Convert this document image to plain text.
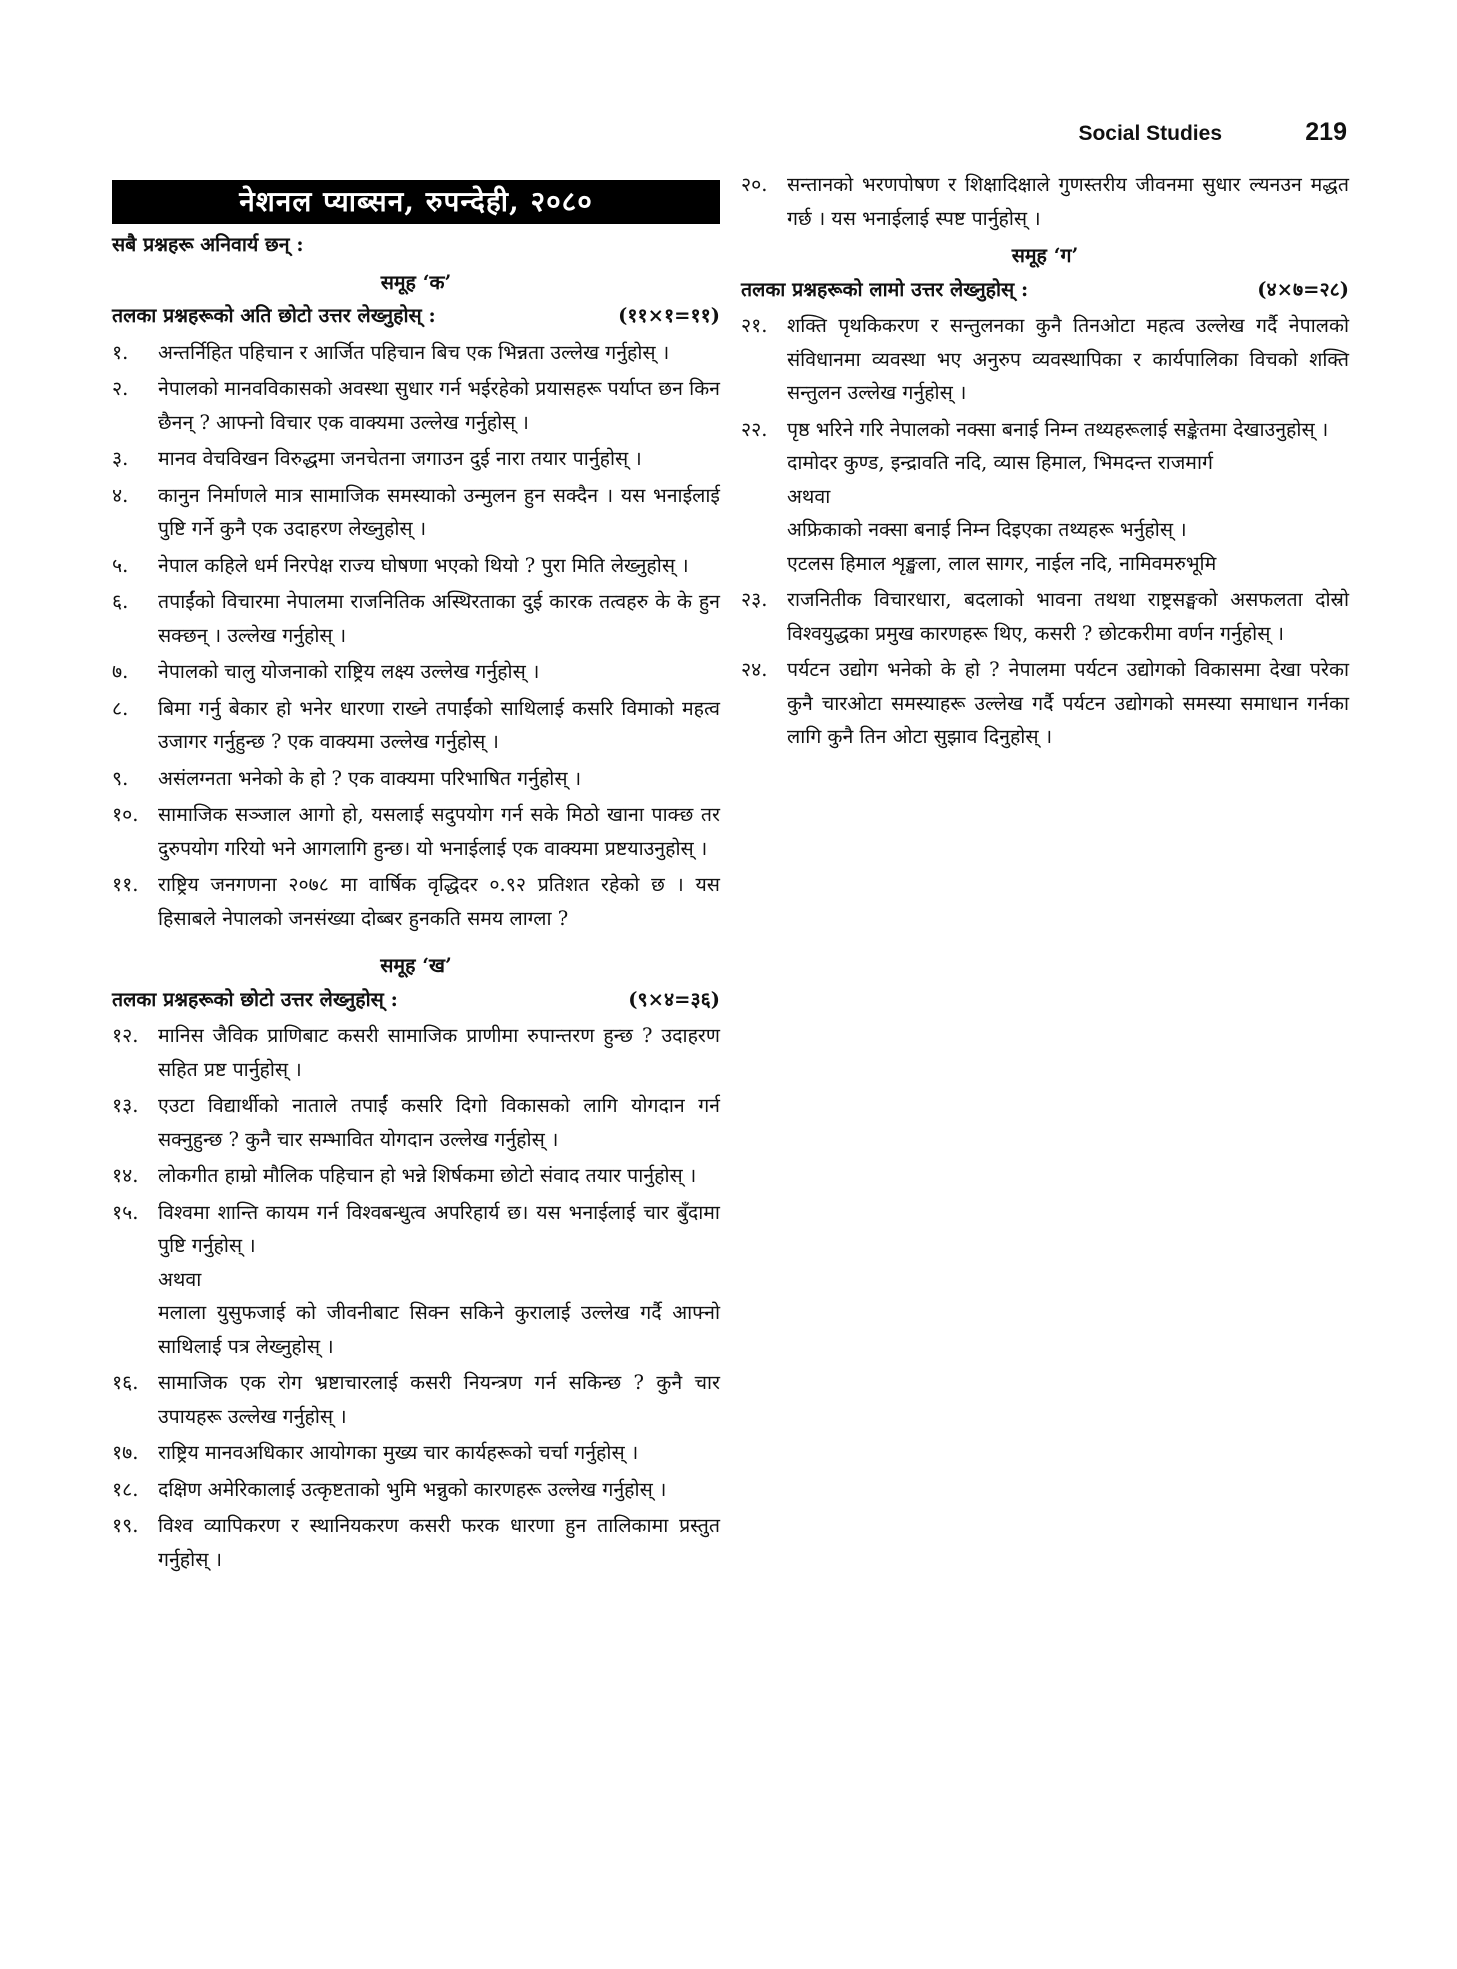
Social Studies	219
नेशनल प्याब्सन, रुपन्देही, २०८०
सबै प्रश्नहरू अनिवार्य छन् :
समूह ‘क’
तलका प्रश्नहरूको अति छोटो उत्तर लेख्नुहोस् :	(११×१=११)
१.	अन्तर्निहित पहिचान र आर्जित पहिचान बिच एक भिन्नता उल्लेख गर्नुहोस् ।
२.	नेपालको मानवविकासको अवस्था सुधार गर्न भईरहेको प्रयासहरू पर्याप्त छन किन छैनन् ? आफ्नो विचार एक वाक्यमा उल्लेख गर्नुहोस् ।
३.	मानव वेचविखन विरुद्धमा जनचेतना जगाउन दुई नारा तयार पार्नुहोस् ।
४.	कानुन निर्माणले मात्र सामाजिक समस्याको उन्मुलन हुन सक्दैन । यस भनाईलाई पुष्टि गर्ने कुनै एक उदाहरण लेख्नुहोस् ।
५.	नेपाल कहिले धर्म निरपेक्ष राज्य घोषणा भएको थियो ? पुरा मिति लेख्नुहोस् ।
६.	तपाईंको विचारमा नेपालमा राजनितिक अस्थिरताका दुई कारक तत्वहरु के के हुन सक्छन् । उल्लेख गर्नुहोस् ।
७.	नेपालको चालु योजनाको राष्ट्रिय लक्ष्य उल्लेख गर्नुहोस् ।
८.	बिमा गर्नु बेकार हो भनेर धारणा राख्ने तपाईंको साथिलाई कसरि विमाको महत्व उजागर गर्नुहुन्छ ? एक वाक्यमा उल्लेख गर्नुहोस् ।
९.	असंलग्नता भनेको के हो ? एक वाक्यमा परिभाषित गर्नुहोस् ।
१०.	सामाजिक सञ्जाल आगो हो, यसलाई सदुपयोग गर्न सके मिठो खाना पाक्छ तर दुरुपयोग गरियो भने आगलागि हुन्छ। यो भनाईलाई एक वाक्यमा प्रष्टयाउनुहोस् ।
११.	राष्ट्रिय जनगणना २०७८ मा वार्षिक वृद्धिदर ०.९२ प्रतिशत रहेको छ । यस हिसाबले नेपालको जनसंख्या दोब्बर हुनकति समय लाग्ला ?
समूह ‘ख’
तलका प्रश्नहरूको छोटो उत्तर लेख्नुहोस् :	(९×४=३६)
१२.	मानिस जैविक प्राणिबाट कसरी सामाजिक प्राणीमा रुपान्तरण हुन्छ ? उदाहरण सहित प्रष्ट पार्नुहोस् ।
१३.	एउटा विद्यार्थीको नाताले तपाईं कसरि दिगो विकासको लागि योगदान गर्न सक्नुहुन्छ ? कुनै चार सम्भावित योगदान उल्लेख गर्नुहोस् ।
१४.	लोकगीत हाम्रो मौलिक पहिचान हो भन्ने शिर्षकमा छोटो संवाद तयार पार्नुहोस् ।
१५.	विश्वमा शान्ति कायम गर्न विश्वबन्धुत्व अपरिहार्य छ। यस भनाईलाई चार बुँदामा पुष्टि गर्नुहोस् ।
अथवा
मलाला युसुफजाई को जीवनीबाट सिक्न सकिने कुरालाई उल्लेख गर्दै आफ्नो साथिलाई पत्र लेख्नुहोस् ।
१६.	सामाजिक एक रोग भ्रष्टाचारलाई कसरी नियन्त्रण गर्न सकिन्छ ? कुनै चार उपायहरू उल्लेख गर्नुहोस् ।
१७.	राष्ट्रिय मानवअधिकार आयोगका मुख्य चार कार्यहरूको चर्चा गर्नुहोस् ।
१८.	दक्षिण अमेरिकालाई उत्कृष्टताको भुमि भन्नुको कारणहरू उल्लेख गर्नुहोस् ।
१९.	विश्व व्यापिकरण र स्थानियकरण कसरी फरक धारणा हुन तालिकामा प्रस्तुत गर्नुहोस् ।
२०.	सन्तानको भरणपोषण र शिक्षादिक्षाले गुणस्तरीय जीवनमा सुधार ल्यनउन मद्धत गर्छ । यस भनाईलाई स्पष्ट पार्नुहोस् ।
समूह ‘ग’
तलका प्रश्नहरूको लामो उत्तर लेख्नुहोस् :	(४×७=२८)
२१.	शक्ति पृथकिकरण र सन्तुलनका कुनै तिनओटा महत्व उल्लेख गर्दै नेपालको संविधानमा व्यवस्था भए अनुरुप व्यवस्थापिका र कार्यपालिका विचको शक्ति सन्तुलन उल्लेख गर्नुहोस् ।
२२.	पृष्ठ भरिने गरि नेपालको नक्सा बनाई निम्न तथ्यहरूलाई सङ्केतमा देखाउनुहोस् ।
दामोदर कुण्ड, इन्द्रावति नदि, व्यास हिमाल, भिमदन्त राजमार्ग
अथवा
अफ्रिकाको नक्सा बनाई निम्न दिइएका तथ्यहरू भर्नुहोस् ।
एटलस हिमाल शृङ्खला, लाल सागर, नाईल नदि, नामिवमरुभूमि
२३.	राजनितीक विचारधारा, बदलाको भावना तथथा राष्ट्रसङ्घको असफलता दोस्रो विश्वयुद्धका प्रमुख कारणहरू थिए, कसरी ? छोटकरीमा वर्णन गर्नुहोस् ।
२४.	पर्यटन उद्योग भनेको के हो ? नेपालमा पर्यटन उद्योगको विकासमा देखा परेका कुनै चारओटा समस्याहरू उल्लेख गर्दै पर्यटन उद्योगको समस्या समाधान गर्नका लागि कुनै तिन ओटा सुझाव दिनुहोस् ।
